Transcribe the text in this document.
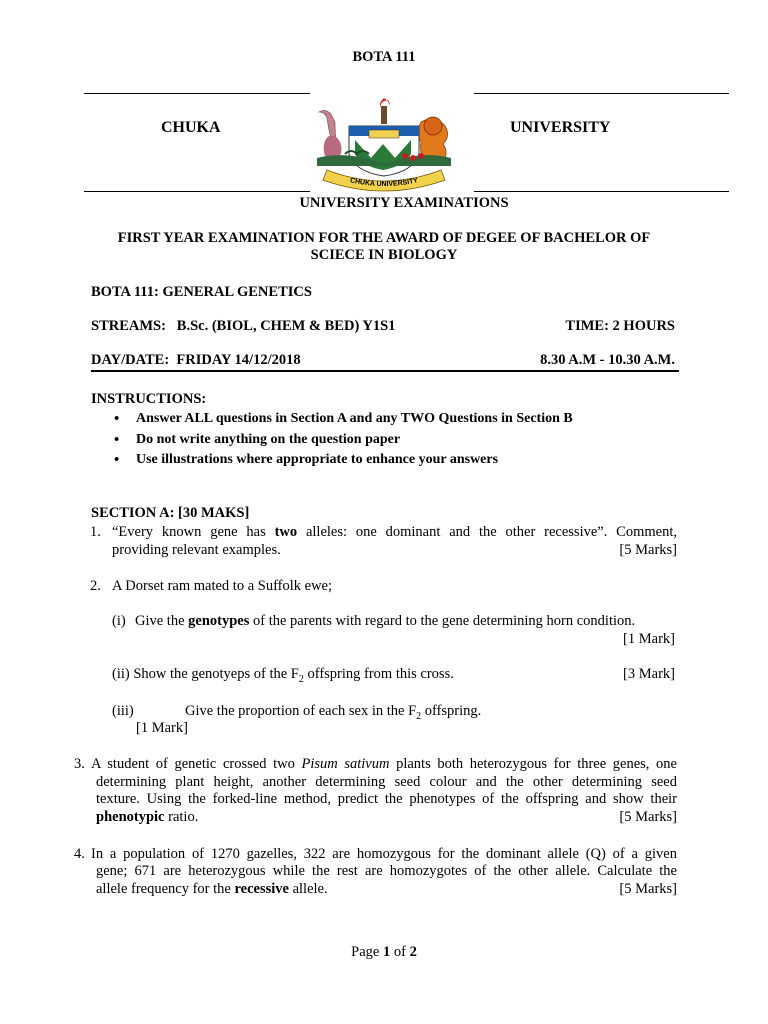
BOTA 111
CHUKA	UNIVERSITY
CHUKA UNIVERSITY
UNIVERSITY EXAMINATIONS
FIRST YEAR EXAMINATION FOR THE AWARD OF DEGEE OF BACHELOR OF
SCIECE IN BIOLOGY
BOTA 111: GENERAL GENETICS
STREAMS:   B.Sc. (BIOL, CHEM & BED) Y1S1	TIME: 2 HOURS
DAY/DATE:  FRIDAY 14/12/2018	8.30 A.M - 10.30 A.M.
INSTRUCTIONS:
• Answer ALL questions in Section A and any TWO Questions in Section B
• Do not write anything on the question paper
• Use illustrations where appropriate to enhance your answers
SECTION A: [30 MAKS]
1. “Every known gene has two alleles: one dominant and the other recessive”. Comment,
providing relevant examples.	[5 Marks]
2. A Dorset ram mated to a Suffolk ewe;
(i) Give the genotypes of the parents with regard to the gene determining horn condition.
[1 Mark]
(ii) Show the genotyeps of the $F_2$ offspring from this cross.	[3 Mark]
(iii)	Give the proportion of each sex in the $F_2$ offspring.
[1 Mark]
3. A student of genetic crossed two Pisum sativum plants both heterozygous for three genes, one
determining plant height, another determining seed colour and the other determining seed
texture. Using the forked-line method, predict the phenotypes of the offspring and show their
phenotypic ratio.	[5 Marks]
4. In a population of 1270 gazelles, 322 are homozygous for the dominant allele (Q) of a given
gene; 671 are heterozygous while the rest are homozygotes of the other allele. Calculate the
allele frequency for the recessive allele.	[5 Marks]
Page 1 of 2
